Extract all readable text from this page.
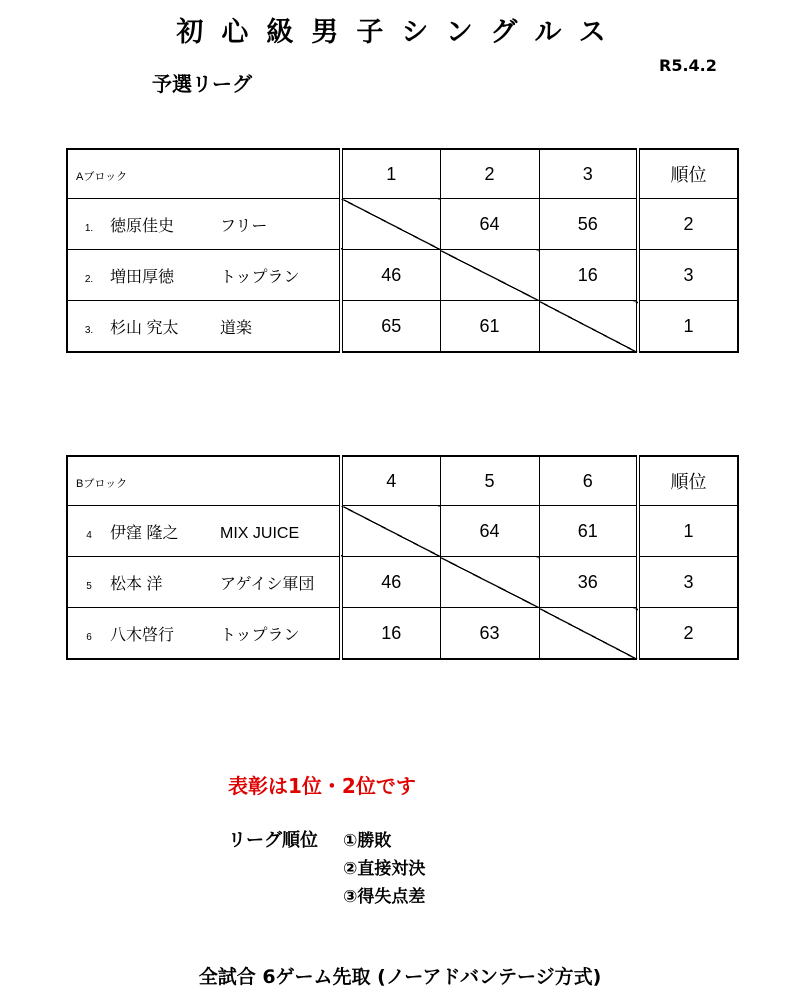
初心級男子シングルス
予選リーグ
R5.4.2
Aブロック	1	2	3	順位
1. 徳原佳史 フリー		64	56	2
2. 増田厚徳 トップラン	46		16	3
3. 杉山 究太 道楽	65	61		1
Bブロック	4	5	6	順位
4 伊窪 隆之 MIX JUICE		64	61	1
5 松本 洋 アゲイシ軍団	46		36	3
6 八木啓行 トップラン	16	63		2
表彰は1位・2位です
リーグ順位 ①勝敗
②直接対決
③得失点差
全試合 6ゲーム先取 (ノーアドバンテージ方式)
